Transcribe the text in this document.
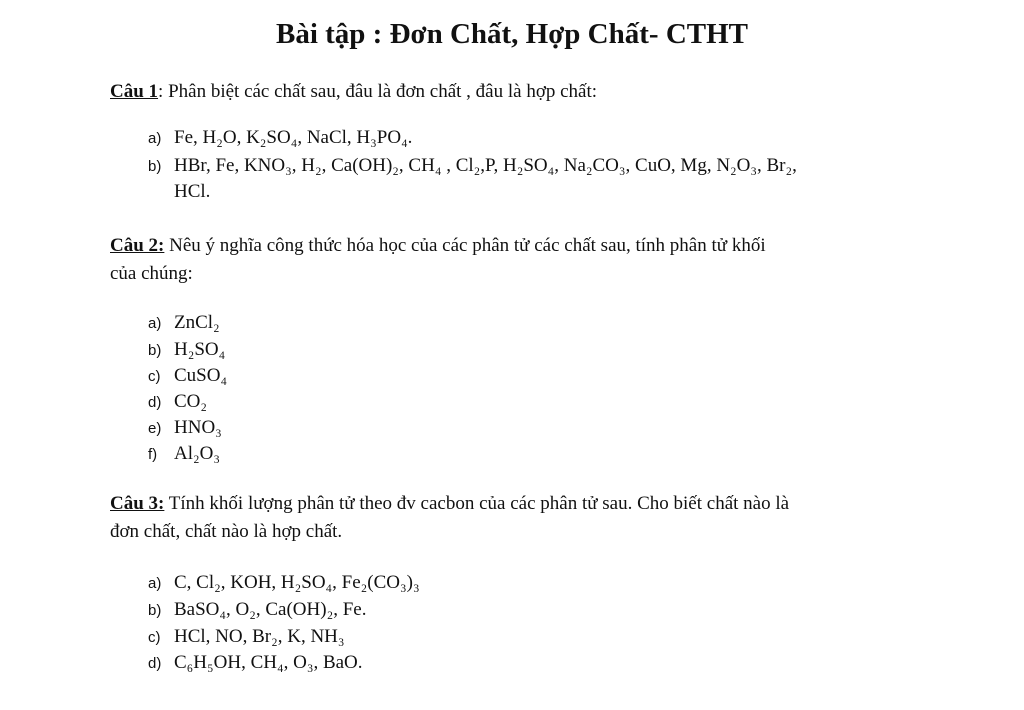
Bài tập : Đơn Chất, Hợp Chất- CTHT
Câu 1: Phân biệt các chất sau, đâu là đơn chất , đâu là hợp chất:
a) Fe, H₂O, K₂SO₄, NaCl, H₃PO₄.
b) HBr, Fe, KNO₃, H₂, Ca(OH)₂, CH₄ , Cl₂,P, H₂SO₄, Na₂CO₃, CuO, Mg, N₂O₃, Br₂,
HCl.
Câu 2: Nêu ý nghĩa công thức hóa học của các phân tử các chất sau, tính phân tử khối
của chúng:
a) ZnCl₂
b) H₂SO₄
c) CuSO₄
d) CO₂
e) HNO₃
f) Al₂O₃
Câu 3: Tính khối lượng phân tử theo đv cacbon của các phân tử sau. Cho biết chất nào là
đơn chất, chất nào là hợp chất.
a) C, Cl₂, KOH, H₂SO₄, Fe₂(CO₃)₃
b) BaSO₄, O₂, Ca(OH)₂, Fe.
c) HCl, NO, Br₂, K, NH₃
d) C₆H₅OH, CH₄, O₃, BaO.
